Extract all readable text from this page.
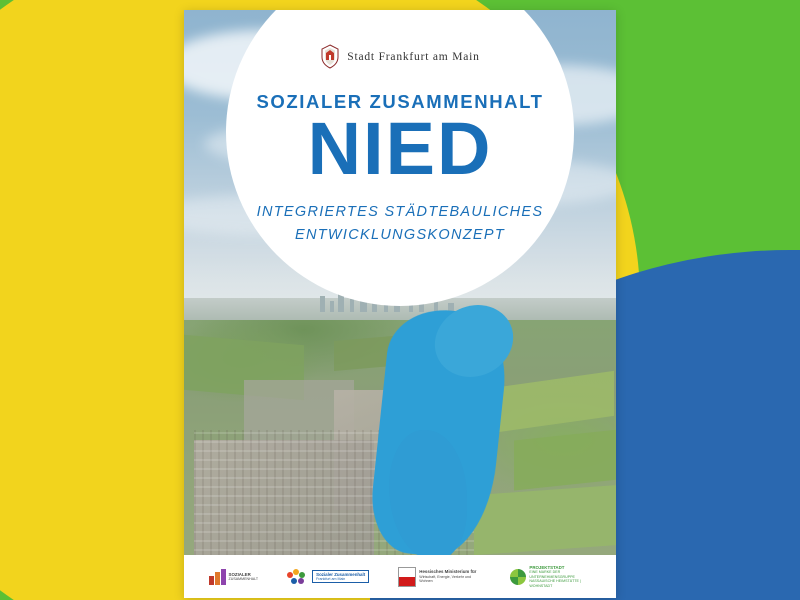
Stadt Frankfurt am Main
SOZIALER ZUSAMMENHALT
NIED
INTEGRIERTES STÄDTEBAULICHES
ENTWICKLUNGSKONZEPT
SOZIALER
ZUSAMMENHALT
Sozialer Zusammenhalt
Frankfurt am Main
Hessisches Ministerium für
Wirtschaft, Energie, Verkehr und Wohnen
PROJEKTSTADT
EINE MARKE DER UNTERNEHMENSGRUPPE NASSAUISCHE HEIMSTÄTTE | WOHNSTADT
